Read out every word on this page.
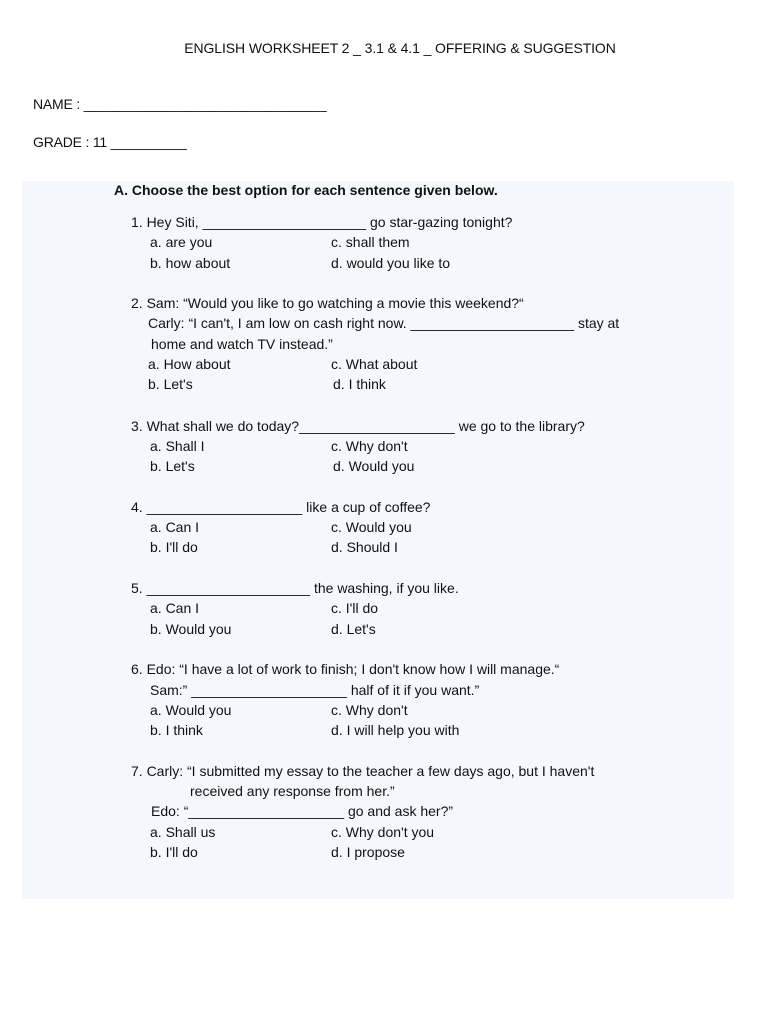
ENGLISH WORKSHEET 2 _ 3.1 & 4.1 _ OFFERING & SUGGESTION
NAME : ________________________________
GRADE : 11 __________
A. Choose the best option for each sentence given below.
1. Hey Siti, _____________________ go star-gazing tonight?
a. are you	c. shall them
b. how about	d. would you like to
2. Sam: “Would you like to go watching a movie this weekend?“
Carly: “I can't, I am low on cash right now. _____________________ stay at
home and watch TV instead.”
a. How about	c. What about
b. Let's	d. I think
3. What shall we do today?____________________ we go to the library?
a. Shall I	c. Why don't
b. Let's	d. Would you
4. ____________________ like a cup of coffee?
a. Can I	c. Would you
b. I'll do	d. Should I
5. _____________________ the washing, if you like.
a. Can I	c. I'll do
b. Would you	d. Let's
6. Edo: “I have a lot of work to finish; I don't know how I will manage.“
Sam:” ____________________ half of it if you want.”
a. Would you	c. Why don't
b. I think	d. I will help you with
7. Carly: “I submitted my essay to the teacher a few days ago, but I haven't
received any response from her.”
Edo: “____________________ go and ask her?”
a. Shall us	c. Why don't you
b. I'll do	d. I propose
